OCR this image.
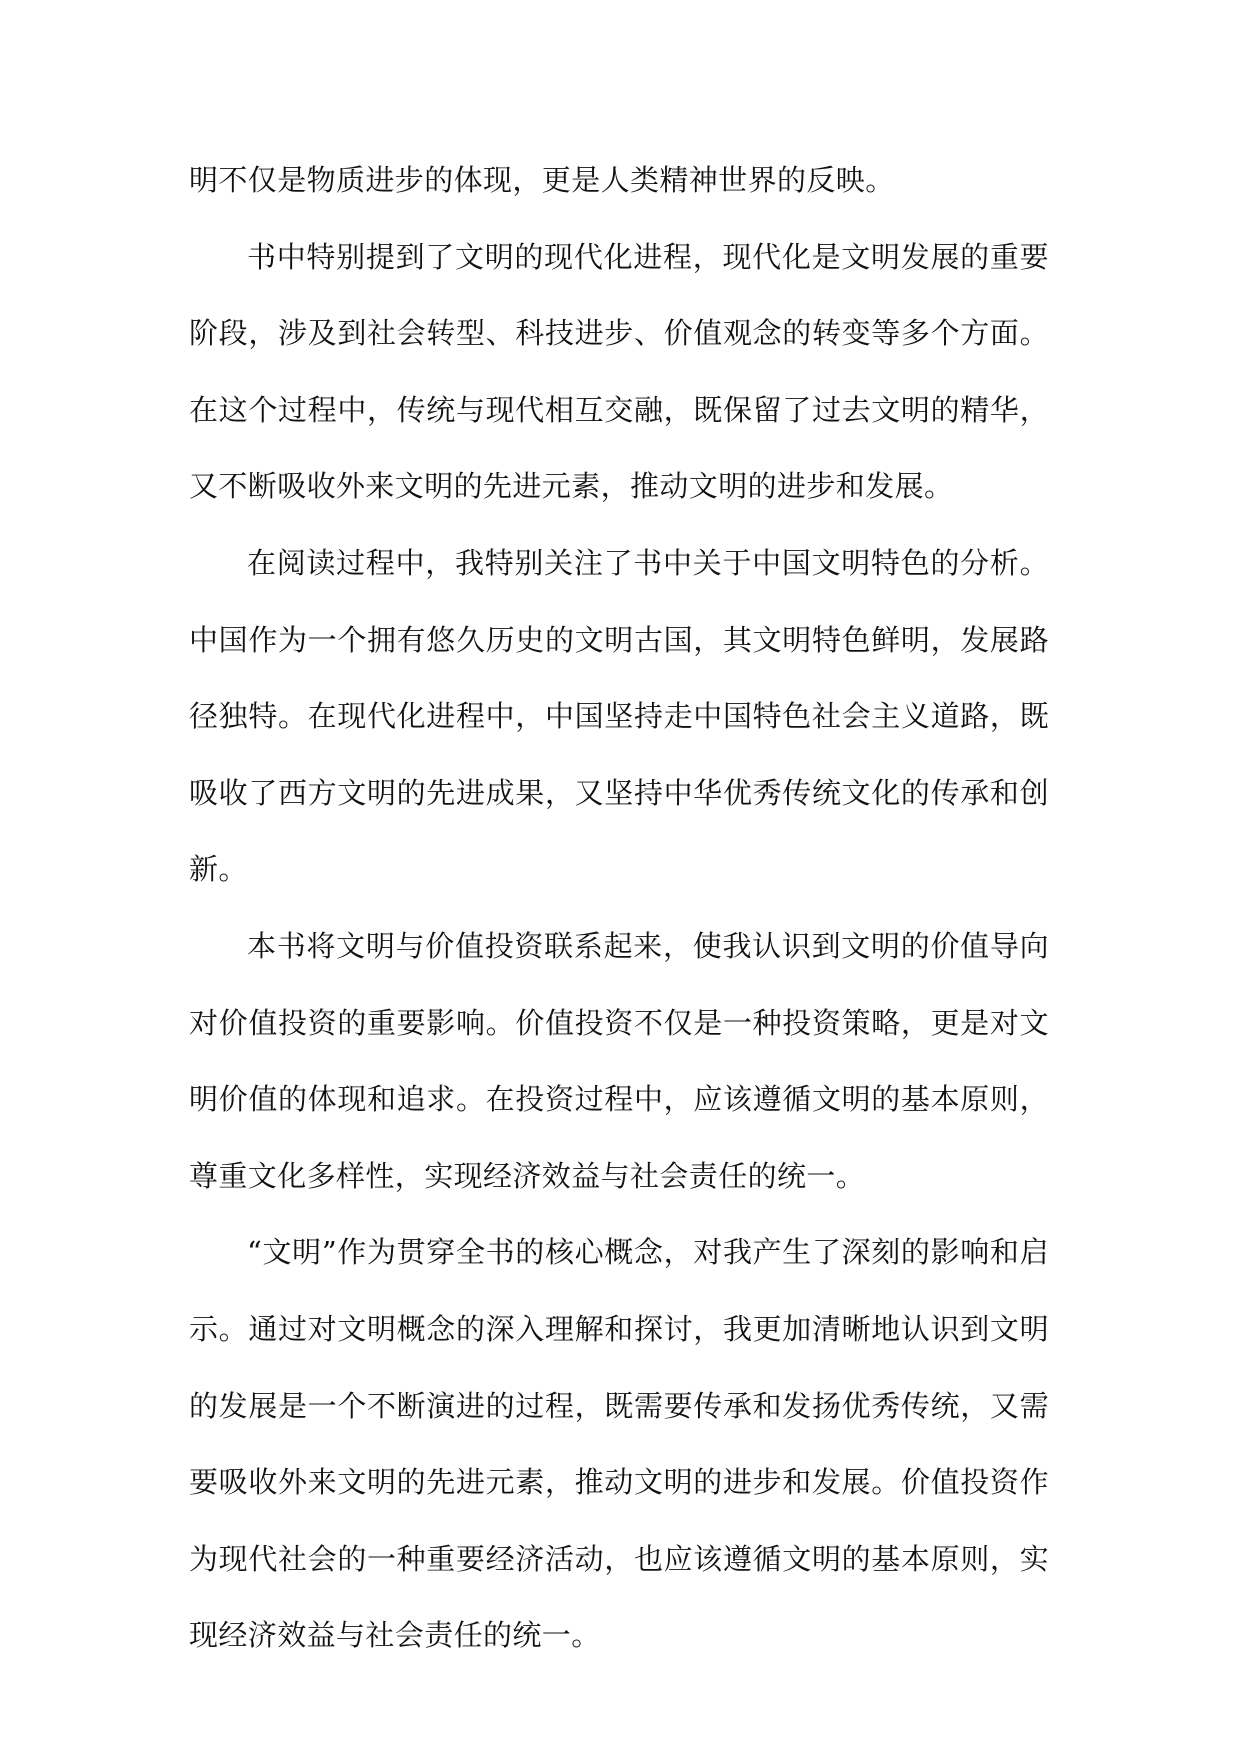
明不仅是物质进步的体现，更是人类精神世界的反映。

书中特别提到了文明的现代化进程，现代化是文明发展的重要阶段，涉及到社会转型、科技进步、价值观念的转变等多个方面。在这个过程中，传统与现代相互交融，既保留了过去文明的精华，又不断吸收外来文明的先进元素，推动文明的进步和发展。

在阅读过程中，我特别关注了书中关于中国文明特色的分析。中国作为一个拥有悠久历史的文明古国，其文明特色鲜明，发展路径独特。在现代化进程中，中国坚持走中国特色社会主义道路，既吸收了西方文明的先进成果，又坚持中华优秀传统文化的传承和创新。

本书将文明与价值投资联系起来，使我认识到文明的价值导向对价值投资的重要影响。价值投资不仅是一种投资策略，更是对文明价值的体现和追求。在投资过程中，应该遵循文明的基本原则，尊重文化多样性，实现经济效益与社会责任的统一。

“文明”作为贯穿全书的核心概念，对我产生了深刻的影响和启示。通过对文明概念的深入理解和探讨，我更加清晰地认识到文明的发展是一个不断演进的过程，既需要传承和发扬优秀传统，又需要吸收外来文明的先进元素，推动文明的进步和发展。价值投资作为现代社会的一种重要经济活动，也应该遵循文明的基本原则，实现经济效益与社会责任的统一。
